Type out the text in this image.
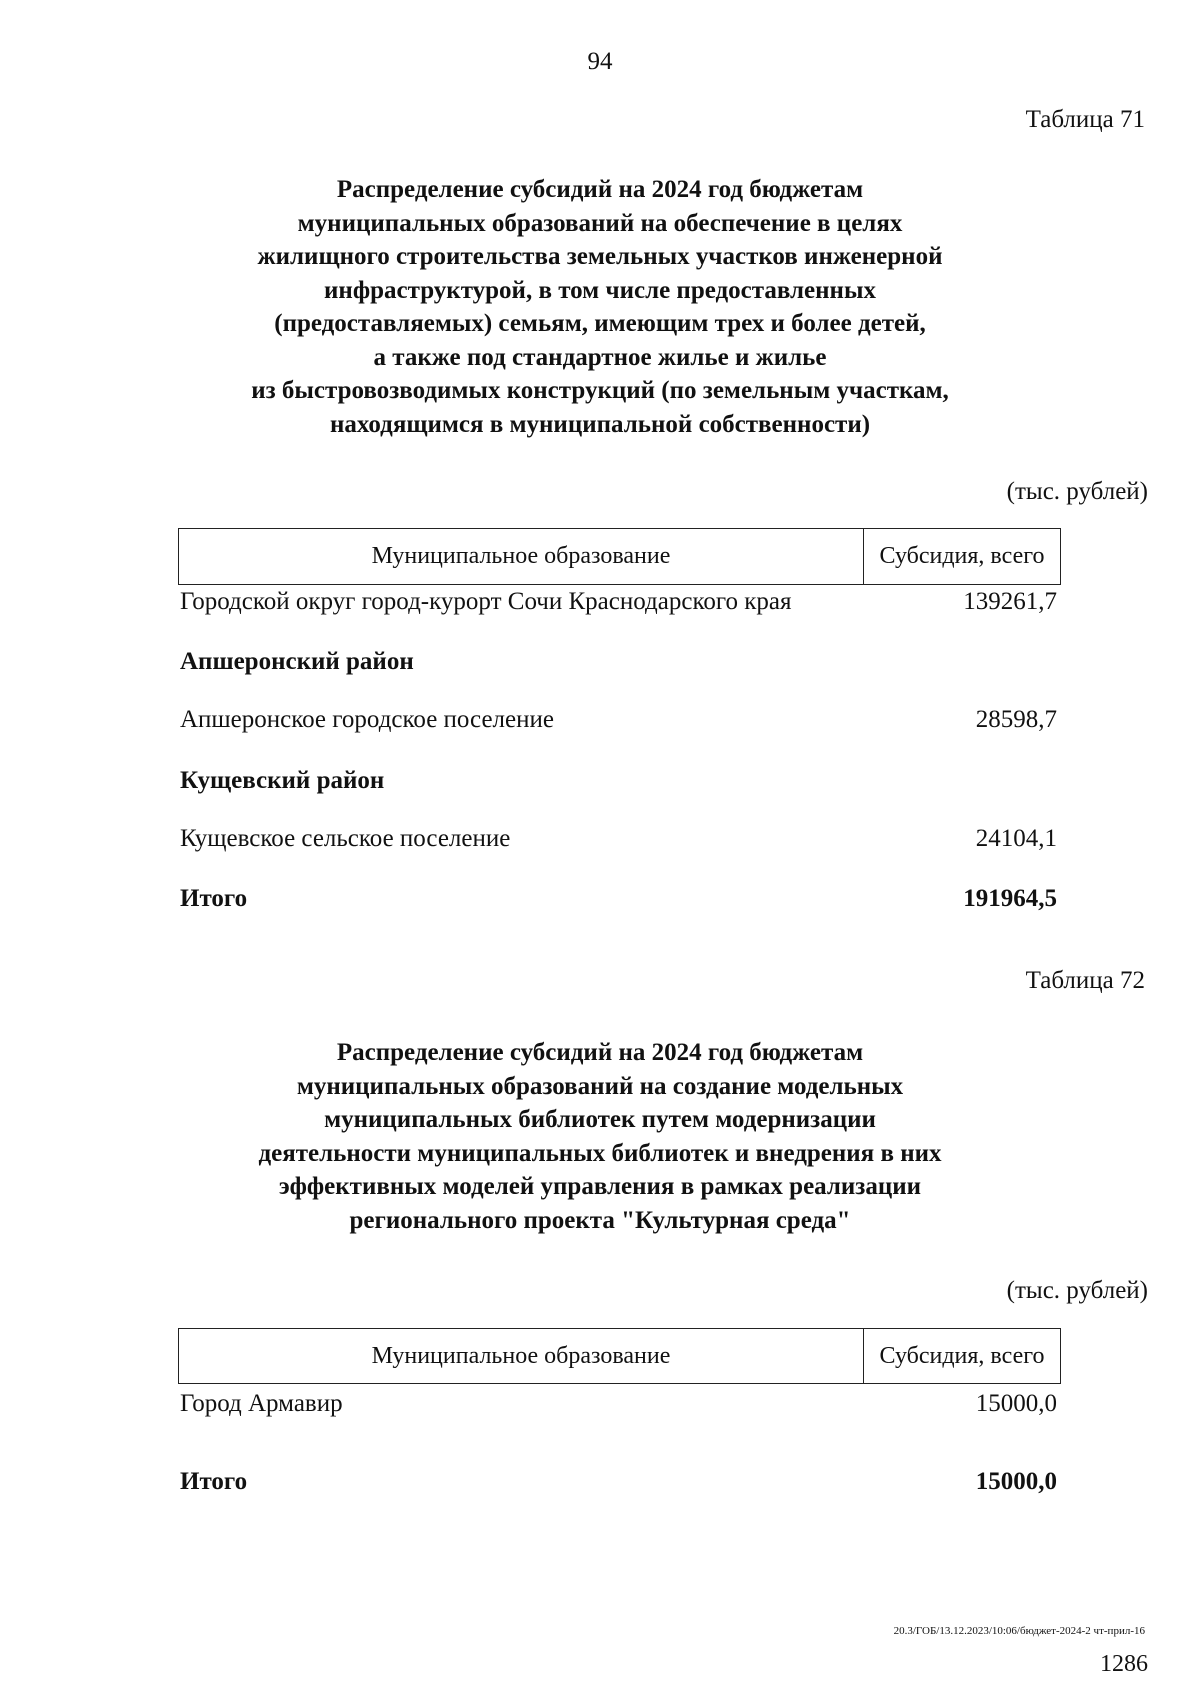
94
Таблица 71
Распределение субсидий на 2024 год бюджетам
муниципальных образований на обеспечение в целях
жилищного строительства земельных участков инженерной
инфраструктурой, в том числе предоставленных
(предоставляемых) семьям, имеющим трех и более детей,
а также под стандартное жилье и жилье
из быстровозводимых конструкций (по земельным участкам,
находящимся в муниципальной собственности)
(тыс. рублей)
Муниципальное образование	Субсидия, всего
Городской округ город-курорт Сочи Краснодарского края	139261,7
Апшеронский район
Апшеронское городское поселение	28598,7
Кущевский район
Кущевское сельское поселение	24104,1
Итого	191964,5
Таблица 72
Распределение субсидий на 2024 год бюджетам
муниципальных образований на создание модельных
муниципальных библиотек путем модернизации
деятельности муниципальных библиотек и внедрения в них
эффективных моделей управления в рамках реализации
регионального проекта "Культурная среда"
(тыс. рублей)
Муниципальное образование	Субсидия, всего
Город Армавир	15000,0
Итого	15000,0
20.3/ГОБ/13.12.2023/10:06/бюджет-2024-2 чт-прил-16
1286
